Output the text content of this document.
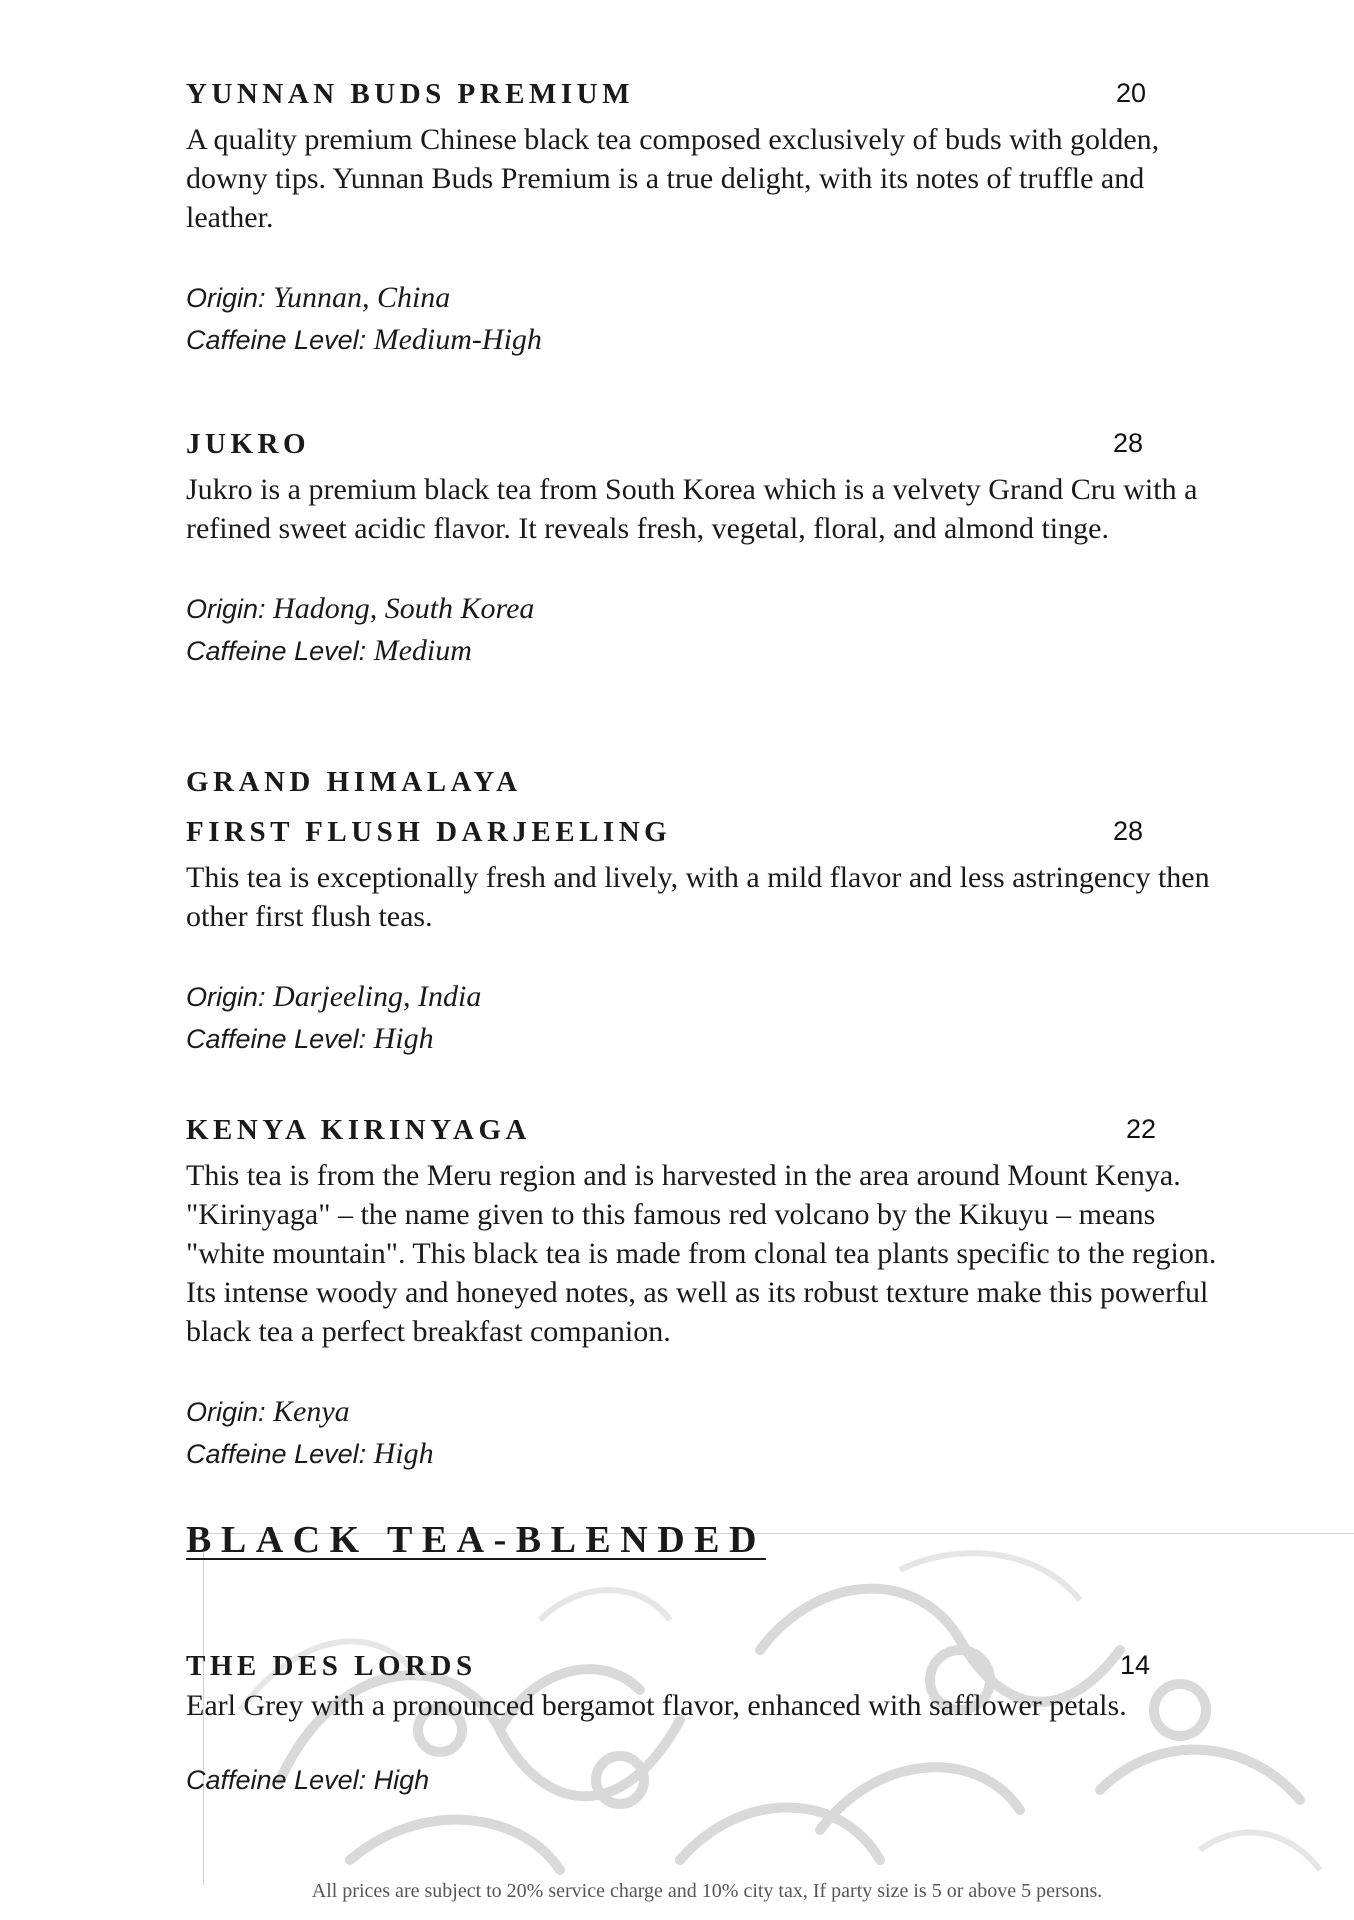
YUNNAN BUDS PREMIUM
A quality premium Chinese black tea composed exclusively of buds with golden, downy tips. Yunnan Buds Premium is a true delight, with its notes of truffle and leather.
Origin: Yunnan, China
Caffeine Level: Medium-High
20
JUKRO
Jukro is a premium black tea from South Korea which is a velvety Grand Cru with a refined sweet acidic flavor. It reveals fresh, vegetal, floral, and almond tinge.
Origin: Hadong, South Korea
Caffeine Level: Medium
28
GRAND HIMALAYA
FIRST FLUSH DARJEELING
This tea is exceptionally fresh and lively, with a mild flavor and less astringency then other first flush teas.
Origin: Darjeeling, India
Caffeine Level: High
28
KENYA KIRINYAGA
This tea is from the Meru region and is harvested in the area around Mount Kenya. "Kirinyaga" – the name given to this famous red volcano by the Kikuyu – means "white mountain". This black tea is made from clonal tea plants specific to the region. Its intense woody and honeyed notes, as well as its robust texture make this powerful black tea a perfect breakfast companion.
Origin: Kenya
Caffeine Level: High
22
BLACK TEA-BLENDED
THE DES LORDS
Earl Grey with a pronounced bergamot flavor, enhanced with safflower petals.
Caffeine Level: High
14
All prices are subject to 20% service charge and 10% city tax, If party size is 5 or above 5 persons.
